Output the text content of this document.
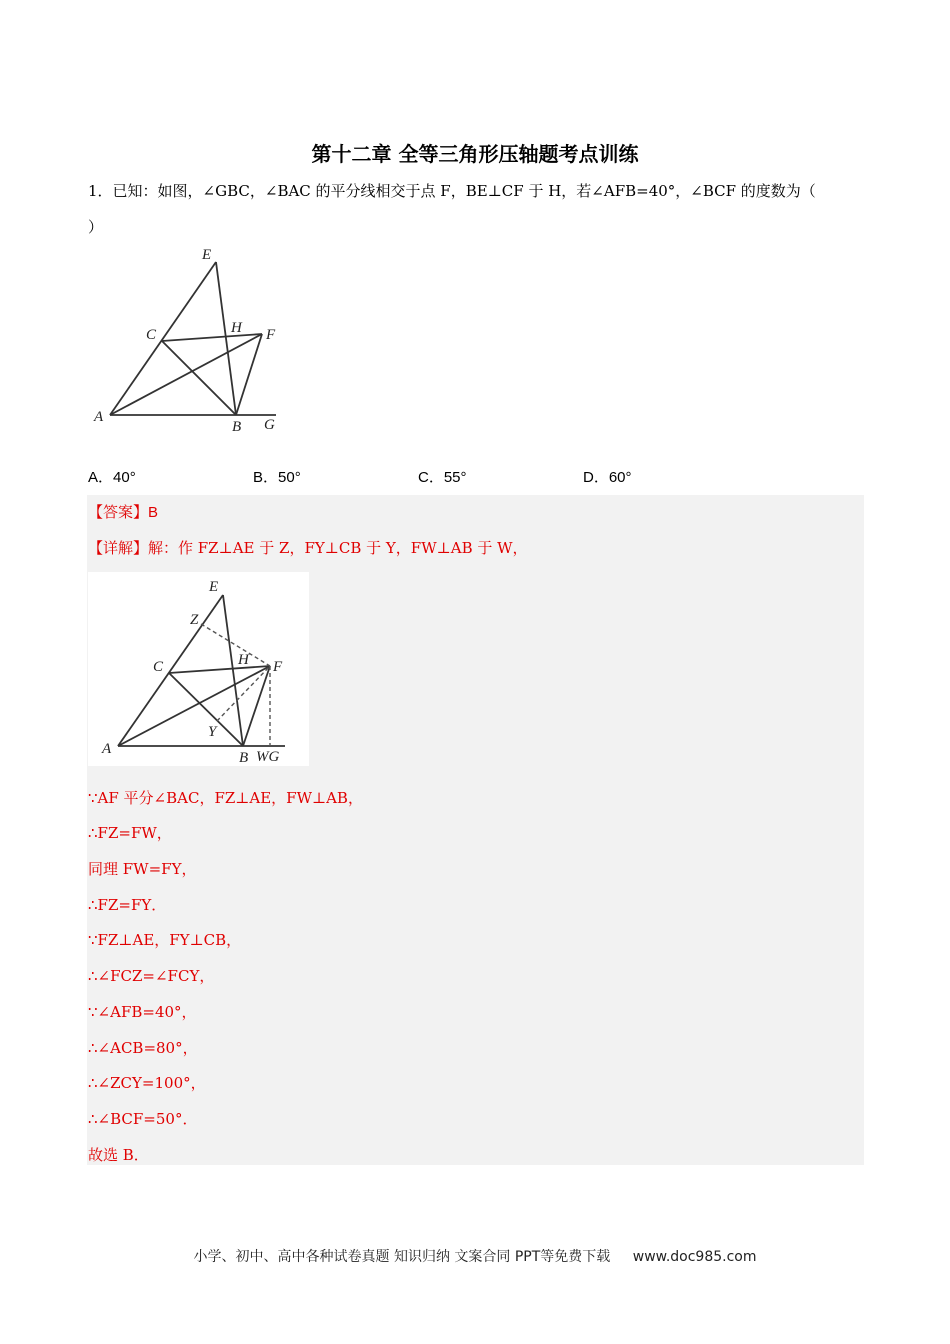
第十二章 全等三角形压轴题考点训练
1．已知：如图，∠GBC，∠BAC 的平分线相交于点 F，BE⊥CF 于 H，若∠AFB=40°，∠BCF 的度数为（
）
E
C	H F
A
B G
A．40°	B．50°	C．55°	D．60°
【答案】B
【详解】解：作 FZ⊥AE 于 Z，FY⊥CB 于 Y，FW⊥AB 于 W，
E
Z
C	H F
A
Y
B WG
∵AF 平分∠BAC，FZ⊥AE，FW⊥AB，
∴FZ=FW，
同理 FW=FY，
∴FZ=FY．
∵FZ⊥AE，FY⊥CB，
∴∠FCZ=∠FCY，
∵∠AFB=40°，
∴∠ACB=80°，
∴∠ZCY=100°，
∴∠BCF=50°．
故选 B．
小学、初中、高中各种试卷真题 知识归纳 文案合同 PPT等免费下载 www.doc985.com
